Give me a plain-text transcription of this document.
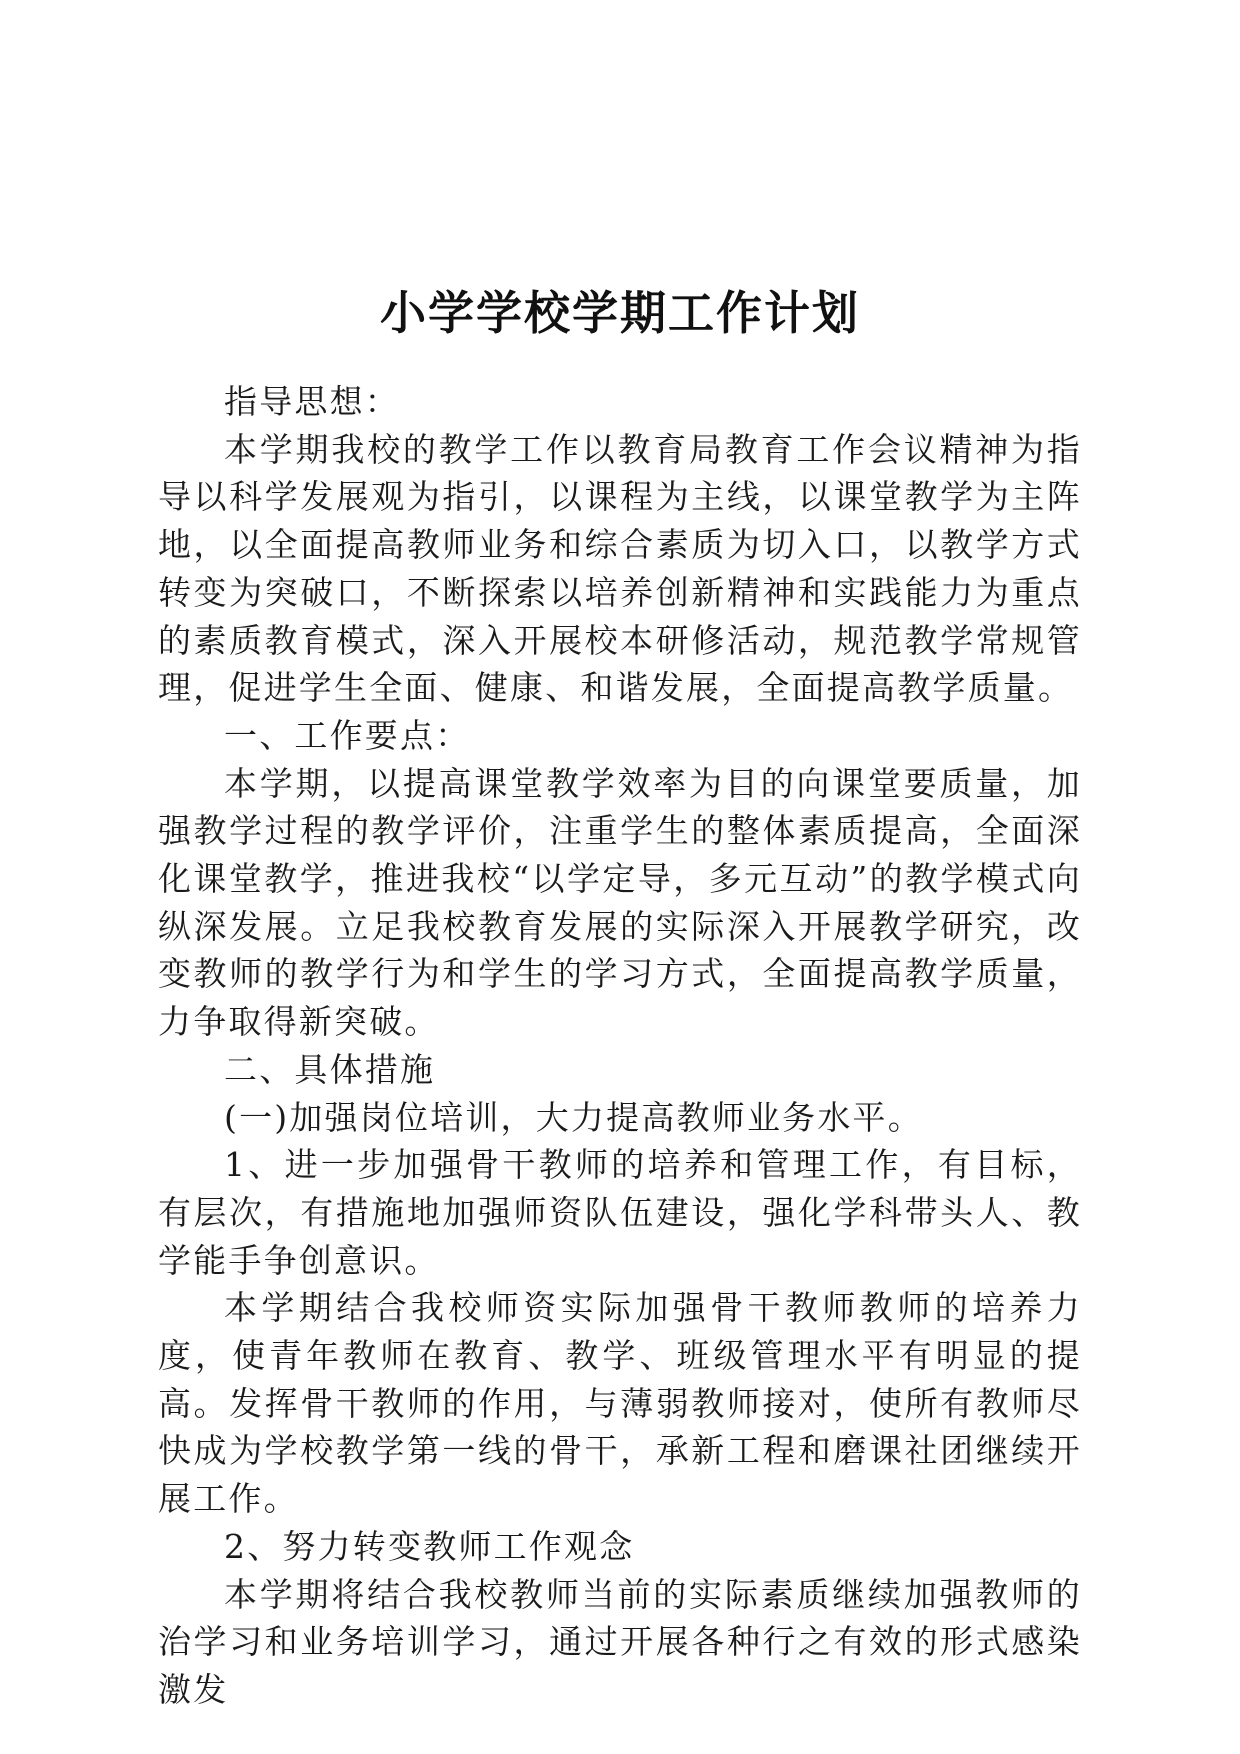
小学学校学期工作计划

指导思想：

本学期我校的教学工作以教育局教育工作会议精神为指导以科学发展观为指引，以课程为主线，以课堂教学为主阵地，以全面提高教师业务和综合素质为切入口，以教学方式转变为突破口，不断探索以培养创新精神和实践能力为重点的素质教育模式，深入开展校本研修活动，规范教学常规管理，促进学生全面、健康、和谐发展，全面提高教学质量。

一、工作要点：

本学期，以提高课堂教学效率为目的向课堂要质量，加强教学过程的教学评价，注重学生的整体素质提高，全面深化课堂教学，推进我校“以学定导，多元互动”的教学模式向纵深发展。立足我校教育发展的实际深入开展教学研究，改变教师的教学行为和学生的学习方式，全面提高教学质量，力争取得新突破。

二、具体措施

(一)加强岗位培训，大力提高教师业务水平。

1、进一步加强骨干教师的培养和管理工作，有目标，有层次，有措施地加强师资队伍建设，强化学科带头人、教学能手争创意识。

本学期结合我校师资实际加强骨干教师教师的培养力度，使青年教师在教育、教学、班级管理水平有明显的提高。发挥骨干教师的作用，与薄弱教师接对，使所有教师尽快成为学校教学第一线的骨干，承新工程和磨课社团继续开展工作。

2、努力转变教师工作观念

本学期将结合我校教师当前的实际素质继续加强教师的治学习和业务培训学习，通过开展各种行之有效的形式感染激发
